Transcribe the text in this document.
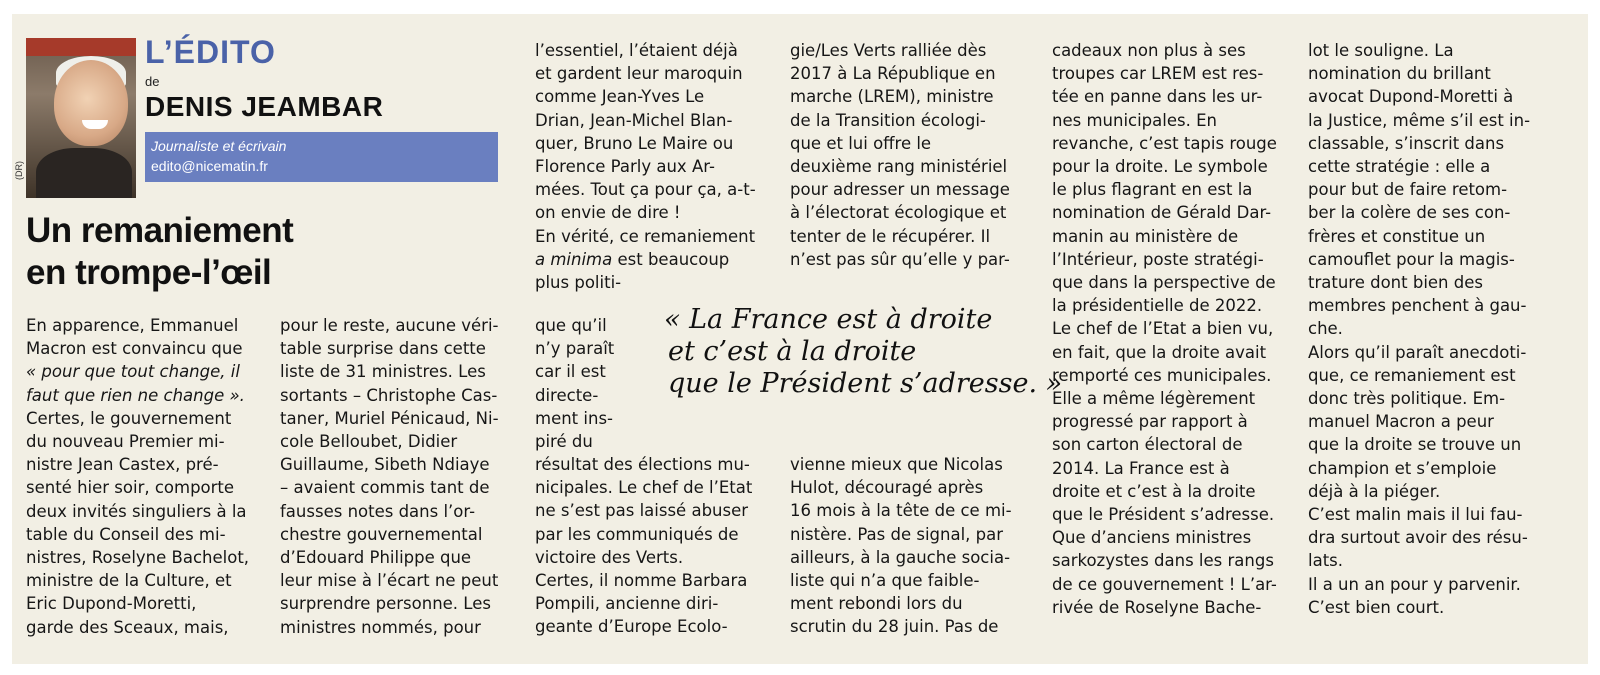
(DR)
L’ÉDITO
de
DENIS JEAMBAR
Journaliste et écrivain
edito@nicematin.fr
Un remaniement
en trompe-l’œil
En apparence, Emmanuel
Macron est convaincu que
« pour que tout change, il
faut que rien ne change ».
Certes, le gouvernement
du nouveau Premier mi-
nistre Jean Castex, pré-
senté hier soir, comporte
deux invités singuliers à la
table du Conseil des mi-
nistres, Roselyne Bachelot,
ministre de la Culture, et
Eric Dupond-Moretti,
garde des Sceaux, mais,
pour le reste, aucune véri-
table surprise dans cette
liste de 31 ministres. Les
sortants – Christophe Cas-
taner, Muriel Pénicaud, Ni-
cole Belloubet, Didier
Guillaume, Sibeth Ndiaye
– avaient commis tant de
fausses notes dans l’or-
chestre gouvernemental
d’Edouard Philippe que
leur mise à l’écart ne peut
surprendre personne. Les
ministres nommés, pour
l’essentiel, l’étaient déjà
et gardent leur maroquin
comme Jean-Yves Le
Drian, Jean-Michel Blan-
quer, Bruno Le Maire ou
Florence Parly aux Ar-
mées. Tout ça pour ça, a-t-
on envie de dire !
En vérité, ce remaniement
a minima est beaucoup
plus politi-
que qu’il
n’y paraît
car il est
directe-
ment ins-
piré du
résultat des élections mu-
nicipales. Le chef de l’Etat
ne s’est pas laissé abuser
par les communiqués de
victoire des Verts.
Certes, il nomme Barbara
Pompili, ancienne diri-
geante d’Europe Ecolo-
gie/Les Verts ralliée dès
2017 à La République en
marche (LREM), ministre
de la Transition écologi-
que et lui offre le
deuxième rang ministériel
pour adresser un message
à l’électorat écologique et
tenter de le récupérer. Il
n’est pas sûr qu’elle y par-
vienne mieux que Nicolas
Hulot, découragé après
16 mois à la tête de ce mi-
nistère. Pas de signal, par
ailleurs, à la gauche socia-
liste qui n’a que faible-
ment rebondi lors du
scrutin du 28 juin. Pas de
« La France est à droite
et c’est à la droite
que le Président s’adresse. »
cadeaux non plus à ses
troupes car LREM est res-
tée en panne dans les ur-
nes municipales. En
revanche, c’est tapis rouge
pour la droite. Le symbole
le plus flagrant en est la
nomination de Gérald Dar-
manin au ministère de
l’Intérieur, poste stratégi-
que dans la perspective de
la présidentielle de 2022.
Le chef de l’Etat a bien vu,
en fait, que la droite avait
remporté ces municipales.
Elle a même légèrement
progressé par rapport à
son carton électoral de
2014. La France est à
droite et c’est à la droite
que le Président s’adresse.
Que d’anciens ministres
sarkozystes dans les rangs
de ce gouvernement ! L’ar-
rivée de Roselyne Bache-
lot le souligne. La
nomination du brillant
avocat Dupond-Moretti à
la Justice, même s’il est in-
classable, s’inscrit dans
cette stratégie : elle a
pour but de faire retom-
ber la colère de ses con-
frères et constitue un
camouflet pour la magis-
trature dont bien des
membres penchent à gau-
che.
Alors qu’il paraît anecdoti-
que, ce remaniement est
donc très politique. Em-
manuel Macron a peur
que la droite se trouve un
champion et s’emploie
déjà à la piéger.
C’est malin mais il lui fau-
dra surtout avoir des résu-
lats.
Il a un an pour y parvenir.
C’est bien court.
